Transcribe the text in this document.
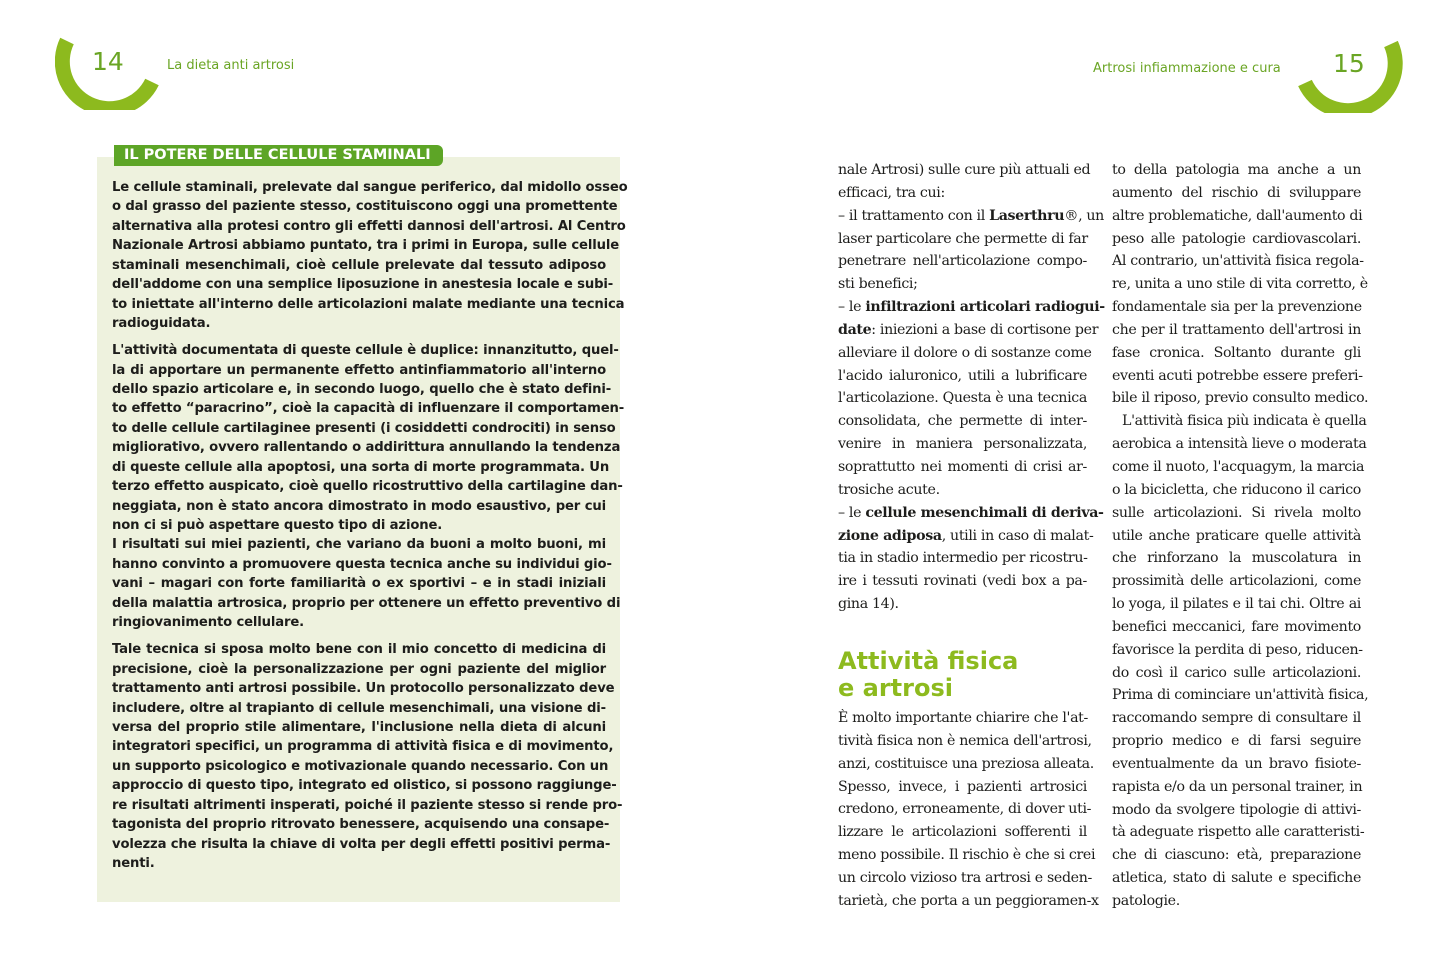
14	La dieta anti artrosi	15
Artrosi infiammazione e cura
IL POTERE DELLE CELLULE STAMINALI
Le cellule staminali, prelevate dal sangue periferico, dal midollo osseo
o dal grasso del paziente stesso, costituiscono oggi una promettente
alternativa alla protesi contro gli effetti dannosi dell'artrosi. Al Centro
Nazionale Artrosi abbiamo puntato, tra i primi in Europa, sulle cellule
staminali mesenchimali, cioè cellule prelevate dal tessuto adiposo
dell'addome con una semplice liposuzione in anestesia locale e subi-
to iniettate all'interno delle articolazioni malate mediante una tecnica
radioguidata.
L'attività documentata di queste cellule è duplice: innanzitutto, quel-
la di apportare un permanente effetto antinfiammatorio all'interno
dello spazio articolare e, in secondo luogo, quello che è stato defini-
to effetto “paracrino”, cioè la capacità di influenzare il comportamen-
to delle cellule cartilaginee presenti (i cosiddetti condrociti) in senso
migliorativo, ovvero rallentando o addirittura annullando la tendenza
di queste cellule alla apoptosi, una sorta di morte programmata. Un
terzo effetto auspicato, cioè quello ricostruttivo della cartilagine dan-
neggiata, non è stato ancora dimostrato in modo esaustivo, per cui
non ci si può aspettare questo tipo di azione.
I risultati sui miei pazienti, che variano da buoni a molto buoni, mi
hanno convinto a promuovere questa tecnica anche su individui gio-
vani – magari con forte familiarità o ex sportivi – e in stadi iniziali
della malattia artrosica, proprio per ottenere un effetto preventivo di
ringiovanimento cellulare.
Tale tecnica si sposa molto bene con il mio concetto di medicina di
precisione, cioè la personalizzazione per ogni paziente del miglior
trattamento anti artrosi possibile. Un protocollo personalizzato deve
includere, oltre al trapianto di cellule mesenchimali, una visione di-
versa del proprio stile alimentare, l'inclusione nella dieta di alcuni
integratori specifici, un programma di attività fisica e di movimento,
un supporto psicologico e motivazionale quando necessario. Con un
approccio di questo tipo, integrato ed olistico, si possono raggiunge-
re risultati altrimenti insperati, poiché il paziente stesso si rende pro-
tagonista del proprio ritrovato benessere, acquisendo una consape-
volezza che risulta la chiave di volta per degli effetti positivi perma-
nenti.
nale Artrosi) sulle cure più attuali ed
efficaci, tra cui:
– il trattamento con il Laserthru®, un
laser particolare che permette di far
penetrare nell'articolazione compo-
sti benefici;
– le infiltrazioni articolari radiogui-
date: iniezioni a base di cortisone per
alleviare il dolore o di sostanze come
l'acido ialuronico, utili a lubrificare
l'articolazione. Questa è una tecnica
consolidata, che permette di inter-
venire in maniera personalizzata,
soprattutto nei momenti di crisi ar-
trosiche acute.
– le cellule mesenchimali di deriva-
zione adiposa, utili in caso di malat-
tia in stadio intermedio per ricostru-
ire i tessuti rovinati (vedi box a pa-
gina 14).
Attività fisica
e artrosi
È molto importante chiarire che l'at-
tività fisica non è nemica dell'artrosi,
anzi, costituisce una preziosa alleata.
Spesso, invece, i pazienti artrosici
credono, erroneamente, di dover uti-
lizzare le articolazioni sofferenti il
meno possibile. Il rischio è che si crei
un circolo vizioso tra artrosi e seden-
tarietà, che porta a un peggioramen-x
to della patologia ma anche a un
aumento del rischio di sviluppare
altre problematiche, dall'aumento di
peso alle patologie cardiovascolari.
Al contrario, un'attività fisica regola-
re, unita a uno stile di vita corretto, è
fondamentale sia per la prevenzione
che per il trattamento dell'artrosi in
fase cronica. Soltanto durante gli
eventi acuti potrebbe essere preferi-
bile il riposo, previo consulto medico.
L'attività fisica più indicata è quella
aerobica a intensità lieve o moderata
come il nuoto, l'acquagym, la marcia
o la bicicletta, che riducono il carico
sulle articolazioni. Si rivela molto
utile anche praticare quelle attività
che rinforzano la muscolatura in
prossimità delle articolazioni, come
lo yoga, il pilates e il tai chi. Oltre ai
benefici meccanici, fare movimento
favorisce la perdita di peso, riducen-
do così il carico sulle articolazioni.
Prima di cominciare un'attività fisica,
raccomando sempre di consultare il
proprio medico e di farsi seguire
eventualmente da un bravo fisiote-
rapista e/o da un personal trainer, in
modo da svolgere tipologie di attivi-
tà adeguate rispetto alle caratteristi-
che di ciascuno: età, preparazione
atletica, stato di salute e specifiche
patologie.
